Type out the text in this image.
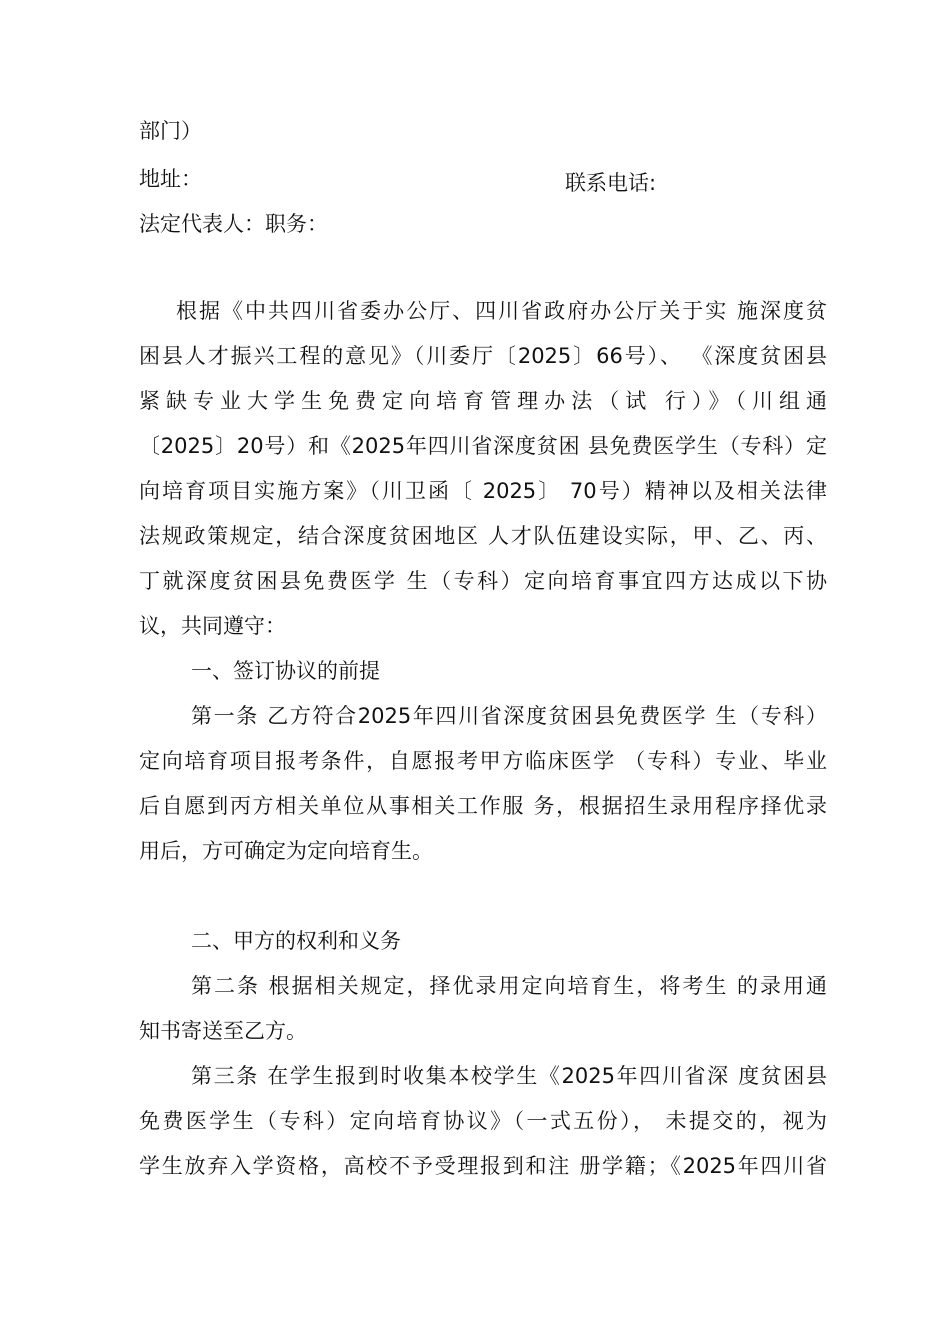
部门）
地址：	联系电话:
法定代表人：职务：
根据《中共四川省委办公厅、四川省政府办公厅关于实 施深度贫
困县人才振兴工程的意见》（川委厅〔2025〕66号）、 《深度贫困县
紧缺专业大学生免费定向培育管理办法（试 行）》（川组通
〔2025〕20号）和《2025年四川省深度贫困 县免费医学生（专科）定
向培育项目实施方案》（川卫函〔 2025〕 70号）精神以及相关法律
法规政策规定，结合深度贫困地区 人才队伍建设实际，甲、乙、丙、
丁就深度贫困县免费医学 生（专科）定向培育事宜四方达成以下协
议，共同遵守：
一、签订协议的前提
第一条 乙方符合2025年四川省深度贫困县免费医学 生（专科）
定向培育项目报考条件，自愿报考甲方临床医学 （专科）专业、毕业
后自愿到丙方相关单位从事相关工作服 务，根据招生录用程序择优录
用后，方可确定为定向培育生。
二、甲方的权利和义务
第二条 根据相关规定，择优录用定向培育生，将考生 的录用通
知书寄送至乙方。
第三条 在学生报到时收集本校学生《2025年四川省深 度贫困县
免费医学生（专科）定向培育协议》（一式五份）， 未提交的，视为
学生放弃入学资格，高校不予受理报到和注 册学籍；《2025年四川省
